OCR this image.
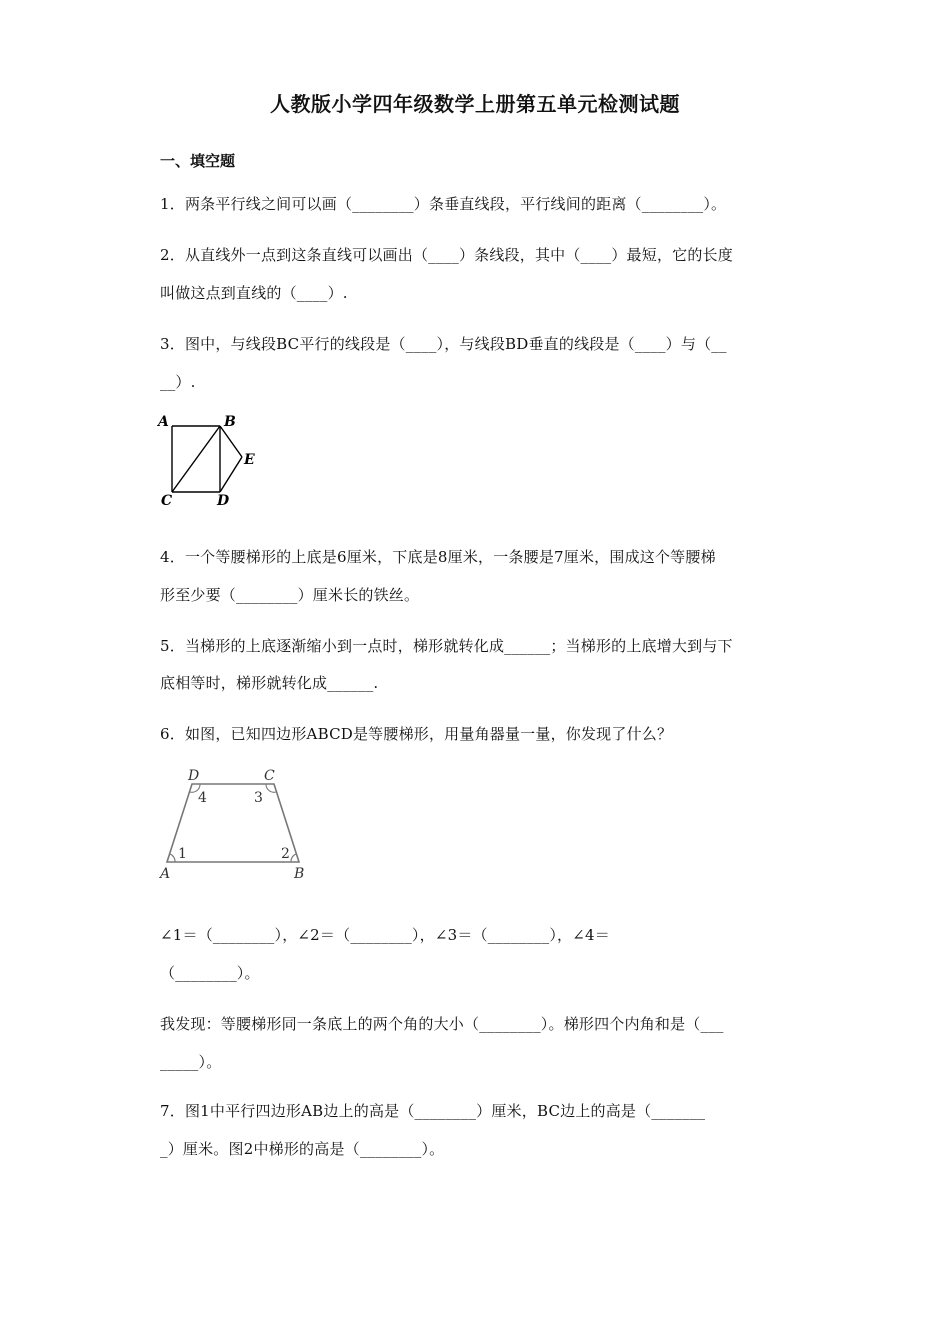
人教版小学四年级数学上册第五单元检测试题
一、填空题
1．两条平行线之间可以画（________）条垂直线段，平行线间的距离（________）。
2．从直线外一点到这条直线可以画出（____）条线段，其中（____）最短，它的长度
叫做这点到直线的（____）.
3．图中，与线段BC平行的线段是（____），与线段BD垂直的线段是（____）与（__
__）.
A	B
C	D
E
4．一个等腰梯形的上底是6厘米，下底是8厘米，一条腰是7厘米，围成这个等腰梯
形至少要（________）厘米长的铁丝。
5．当梯形的上底逐渐缩小到一点时，梯形就转化成______；当梯形的上底增大到与下
底相等时，梯形就转化成______.
6．如图，已知四边形ABCD是等腰梯形，用量角器量一量，你发现了什么？
D	C
A	B
4	3
1	2
∠1＝（________），∠2＝（________），∠3＝（________），∠4＝
（________）。
我发现：等腰梯形同一条底上的两个角的大小（________）。梯形四个内角和是（___
_____）。
7．图1中平行四边形AB边上的高是（________）厘米，BC边上的高是（_______
_）厘米。图2中梯形的高是（________）。
